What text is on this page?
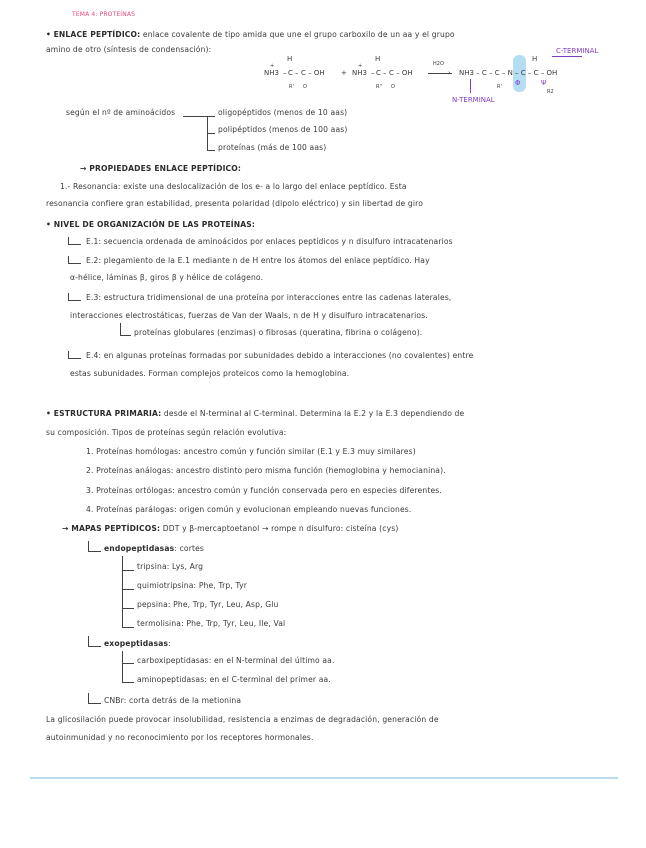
TEMA 4: PROTEÍNAS
• ENLACE PEPTÍDICO: enlace covalente de tipo amida que une el grupo carboxilo de un aa y el grupo
amino de otro (síntesis de condensación):
H
+
NH3 – C – C – OH
R' O
+
H
+
NH3 – C – C – OH
R'' O
H2O
›
C-TERMINAL
H
NH3 – C – C – N – C – C – OH
Φ	Ψ
R'
R2
N-TERMINAL
según el nº de aminoácidos	oligopéptidos (menos de 10 aas)
polipéptidos (menos de 100 aas)
proteínas (más de 100 aas)
→ PROPIEDADES ENLACE PEPTÍDICO:
1.- Resonancia: existe una deslocalización de los e- a lo largo del enlace peptídico. Esta
resonancia confiere gran estabilidad, presenta polaridad (dipolo eléctrico) y sin libertad de giro
• NIVEL DE ORGANIZACIÓN DE LAS PROTEÍNAS:
E.1: secuencia ordenada de aminoácidos por enlaces peptídicos y n disulfuro intracatenarios
E.2: plegamiento de la E.1 mediante n de H entre los átomos del enlace peptídico. Hay
α-hélice, láminas β, giros β y hélice de colágeno.
E.3: estructura tridimensional de una proteína por interacciones entre las cadenas laterales,
interacciones electrostáticas, fuerzas de Van der Waals, n de H y disulfuro intracatenarios.
proteínas globulares (enzimas) o fibrosas (queratina, fibrina o colágeno).
E.4: en algunas proteínas formadas por subunidades debido a interacciones (no covalentes) entre
estas subunidades. Forman complejos proteicos como la hemoglobina.
• ESTRUCTURA PRIMARIA: desde el N-terminal al C-terminal. Determina la E.2 y la E.3 dependiendo de
su composición. Tipos de proteínas según relación evolutiva:
1. Proteínas homólogas: ancestro común y función similar (E.1 y E.3 muy similares)
2. Proteínas análogas: ancestro distinto pero misma función (hemoglobina y hemocianina).
3. Proteínas ortólogas: ancestro común y función conservada pero en especies diferentes.
4. Proteínas parálogas: origen común y evolucionan empleando nuevas funciones.
→ MAPAS PEPTÍDICOS: DDT y β-mercaptoetanol → rompe n disulfuro: cisteína (cys)
endopeptidasas: cortes
tripsina: Lys, Arg
quimiotripsina: Phe, Trp, Tyr
pepsina: Phe, Trp, Tyr, Leu, Asp, Glu
termolisina: Phe, Trp, Tyr, Leu, Ile, Val
exopeptidasas:
carboxipeptidasas: en el N-terminal del último aa.
aminopeptidasas: en el C-terminal del primer aa.
CNBr: corta detrás de la metionina
La glicosilación puede provocar insolubilidad, resistencia a enzimas de degradación, generación de
autoinmunidad y no reconocimiento por los receptores hormonales.
